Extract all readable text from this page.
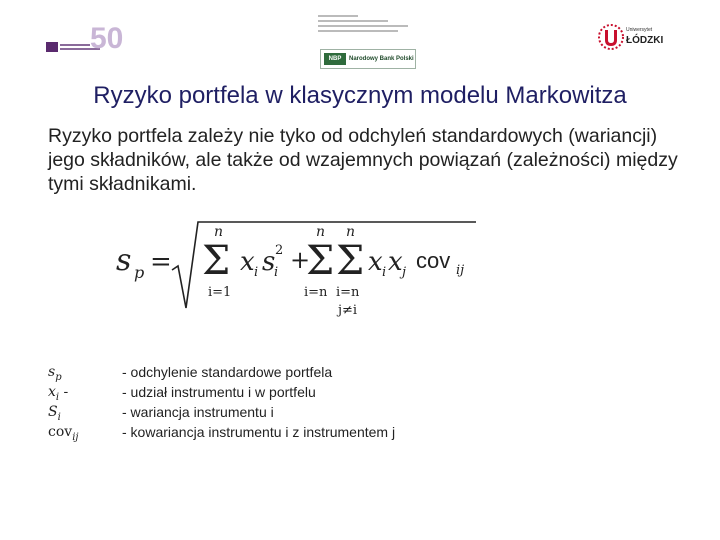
50
NBP	Narodowy Bank Polski
Uniwersytet
ŁÓDZKI
Ryzyko portfela w klasycznym modelu Markowitza
Ryzyko portfela zależy nie tyko od odchyleń standardowych (wariancji) jego składników, ale także od wzajemnych powiązań (zależności) między tymi składnikami.
s p = Σ
n
i=1
x i s
i
2 +
Σ
n
i=n
Σ
n
i=n
j≠i
x i x j cov ij
$s_p$	- odchylenie standardowe portfela
$x_i$ -	- udział instrumentu i w portfelu
$S_i$	- wariancja instrumentu i
cov$_{ij}$	- kowariancja instrumentu i z instrumentem j
